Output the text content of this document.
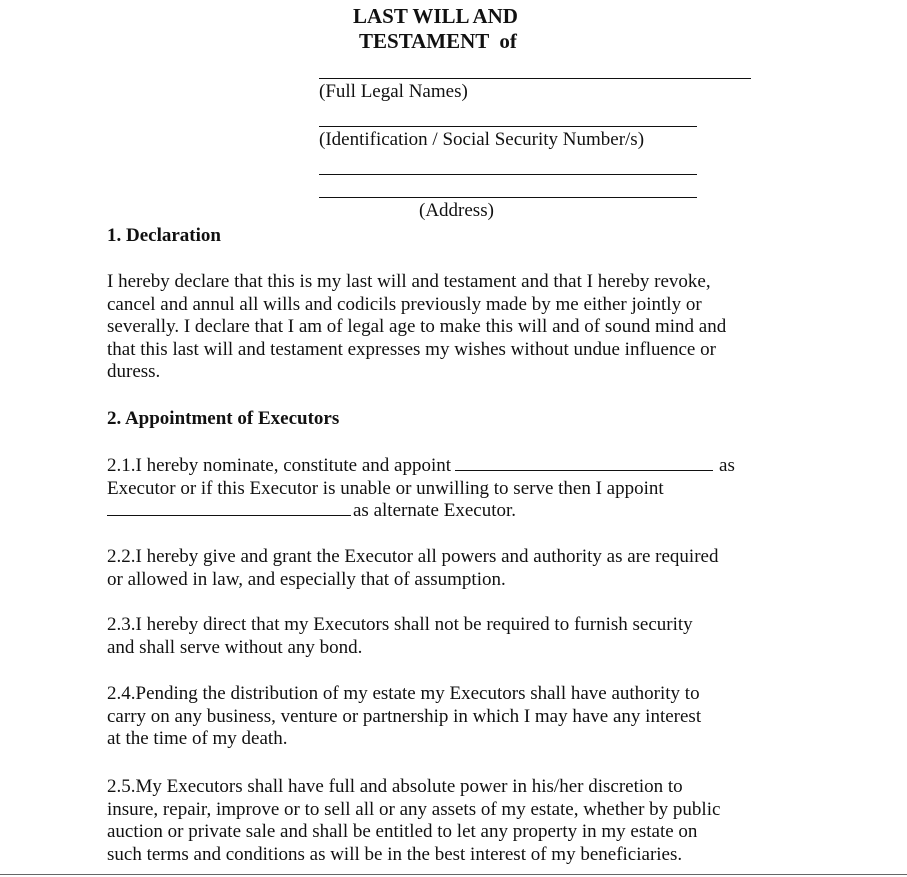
LAST WILL AND
TESTAMENT  of
(Full Legal Names)
(Identification / Social Security Number/s)
(Address)
1. Declaration
I hereby declare that this is my last will and testament and that I hereby revoke,
cancel and annul all wills and codicils previously made by me either jointly or
severally. I declare that I am of legal age to make this will and of sound mind and
that this last will and testament expresses my wishes without undue influence or
duress.
2. Appointment of Executors
2.1.I hereby nominate, constitute and appoint	as
Executor or if this Executor is unable or unwilling to serve then I appoint
as alternate Executor.
2.2.I hereby give and grant the Executor all powers and authority as are required
or allowed in law, and especially that of assumption.
2.3.I hereby direct that my Executors shall not be required to furnish security
and shall serve without any bond.
2.4.Pending the distribution of my estate my Executors shall have authority to
carry on any business, venture or partnership in which I may have any interest
at the time of my death.
2.5.My Executors shall have full and absolute power in his/her discretion to
insure, repair, improve or to sell all or any assets of my estate, whether by public
auction or private sale and shall be entitled to let any property in my estate on
such terms and conditions as will be in the best interest of my beneficiaries.
